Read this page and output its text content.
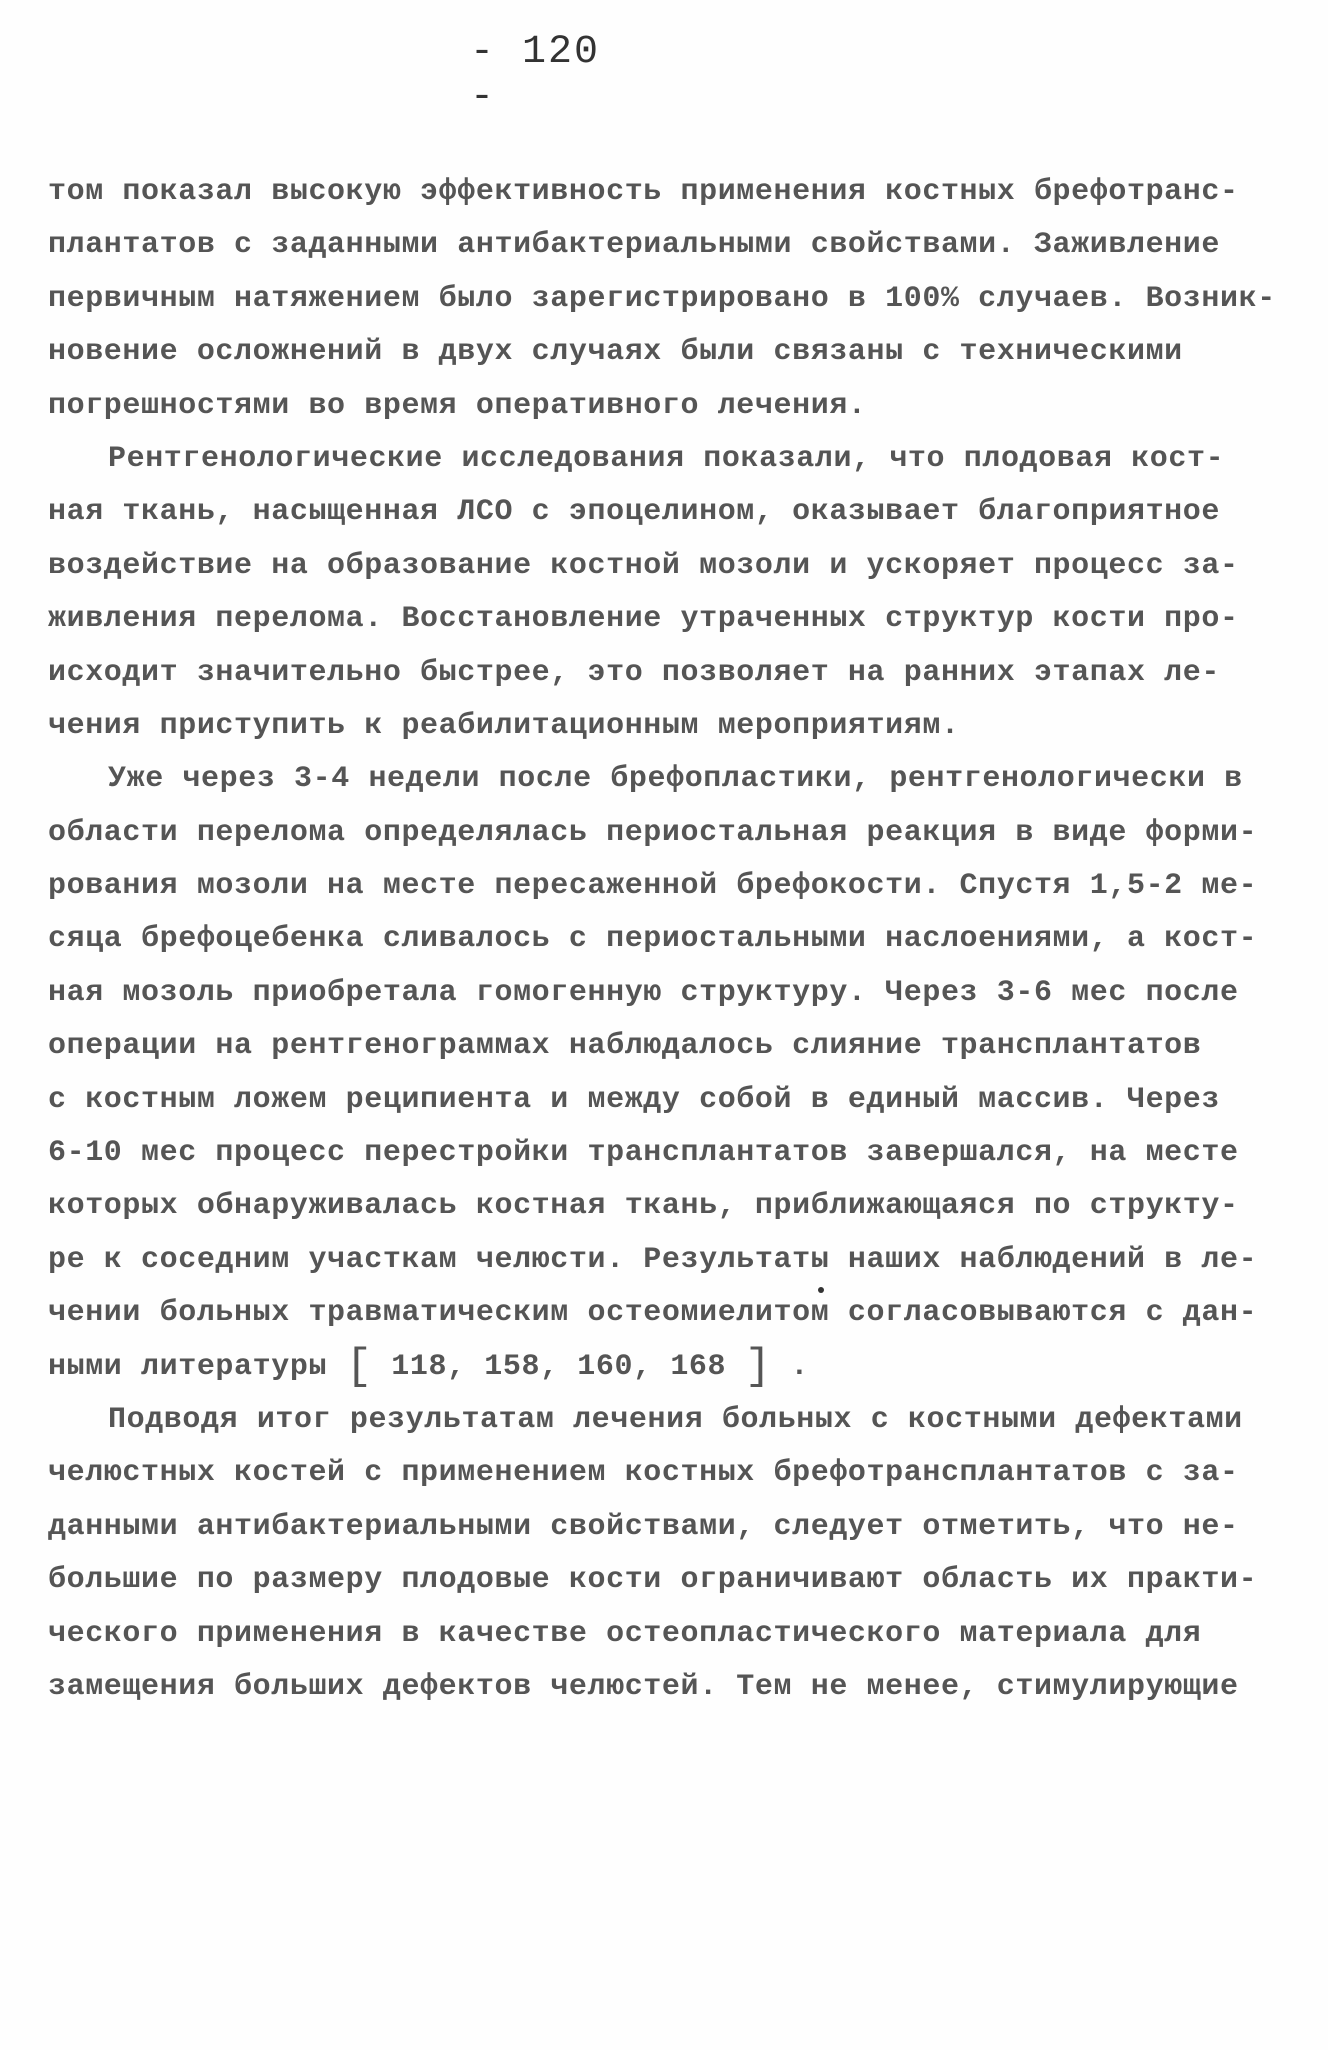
- 120 -
том показал высокую эффективность применения костных брефотранс-
плантатов с заданными антибактериальными свойствами. Заживление
первичным натяжением было зарегистрировано в 100% случаев. Возник-
новение осложнений в двух случаях были связаны с техническими
погрешностями во время оперативного лечения.
Рентгенологические исследования показали, что плодовая кост-
ная ткань, насыщенная ЛСО с эпоцелином, оказывает благоприятное
воздействие на образование костной мозоли и ускоряет процесс за-
живления перелома. Восстановление утраченных структур кости про-
исходит значительно быстрее, это позволяет на ранних этапах ле-
чения приступить к реабилитационным мероприятиям.
Уже через 3-4 недели после брефопластики, рентгенологически в
области перелома определялась периостальная реакция в виде форми-
рования мозоли на месте пересаженной брефокости. Спустя 1,5-2 ме-
сяца брефоцебенка сливалось с периостальными наслоениями, а кост-
ная мозоль приобретала гомогенную структуру. Через 3-6 мес после
операции на рентгенограммах наблюдалось слияние трансплантатов
с костным ложем реципиента и между собой в единый массив. Через
6-10 мес процесс перестройки трансплантатов завершался, на месте
которых обнаруживалась костная ткань, приближающаяся по структу-
ре к соседним участкам челюсти. Результаты наших наблюдений в ле-
чении больных травматическим остеомиелитом согласовываются с дан-
ными литературы [ 118, 158, 160, 168 ] .
Подводя итог результатам лечения больных с костными дефектами
челюстных костей с применением костных брефотрансплантатов с за-
данными антибактериальными свойствами, следует отметить, что не-
большие по размеру плодовые кости ограничивают область их практи-
ческого применения в качестве остеопластического материала для
замещения больших дефектов челюстей. Тем не менее, стимулирующие
